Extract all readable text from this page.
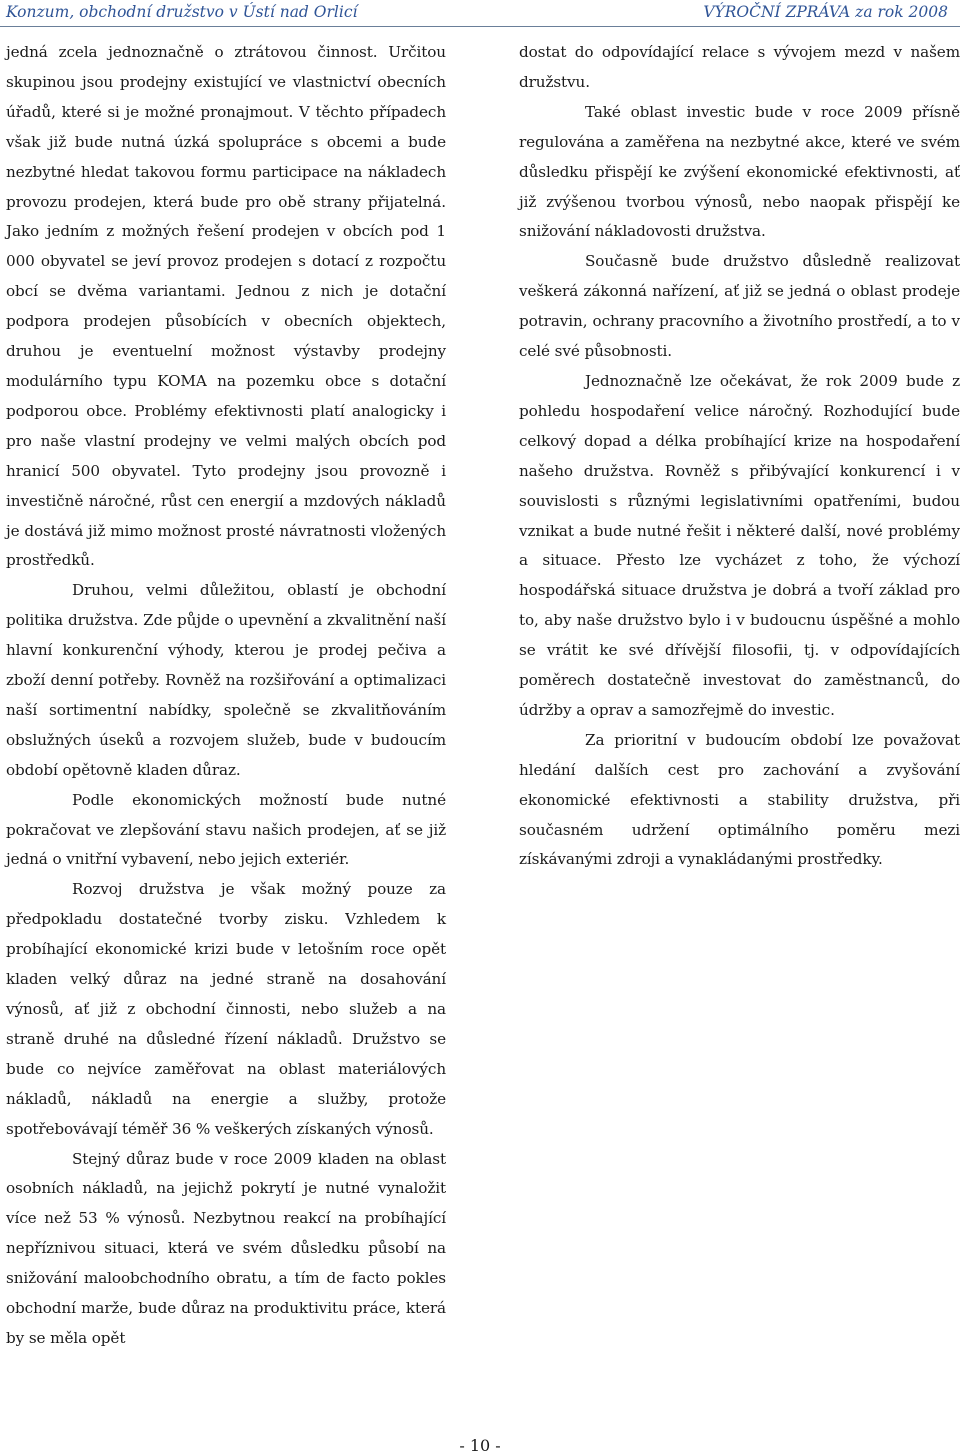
Konzum, obchodní družstvo v Ústí nad Orlicí	VÝROČNÍ ZPRÁVA za rok 2008

jedná zcela jednoznačně o ztrátovou činnost. Určitou skupinou jsou prodejny existující ve vlastnictví obecních úřadů, které si je možné pronajmout. V těchto případech však již bude nutná úzká spolupráce s obcemi a bude nezbytné hledat takovou formu participace na nákladech provozu prodejen, která bude pro obě strany přijatelná. Jako jedním z možných řešení prodejen v obcích pod 1 000 obyvatel se jeví provoz prodejen s dotací z rozpočtu obcí se dvěma variantami. Jednou z nich je dotační podpora prodejen působících v obecních objektech, druhou je eventuelní možnost výstavby prodejny modulárního typu KOMA na pozemku obce s dotační podporou obce. Problémy efektivnosti platí analogicky i pro naše vlastní prodejny ve velmi malých obcích pod hranicí 500 obyvatel. Tyto prodejny jsou provozně i investičně náročné, růst cen energií a mzdových nákladů je dostává již mimo možnost prosté návratnosti vložených prostředků.

Druhou, velmi důležitou, oblastí je obchodní politika družstva. Zde půjde o upevnění a zkvalitnění naší hlavní konkurenční výhody, kterou je prodej pečiva a zboží denní potřeby. Rovněž na rozšiřování a optimalizaci naší sortimentní nabídky, společně se zkvalitňováním obslužných úseků a rozvojem služeb, bude v budoucím období opětovně kladen důraz.

Podle ekonomických možností bude nutné pokračovat ve zlepšování stavu našich prodejen, ať se již jedná o vnitřní vybavení, nebo jejich exteriér.

Rozvoj družstva je však možný pouze za předpokladu dostatečné tvorby zisku. Vzhledem k probíhající ekonomické krizi bude v letošním roce opět kladen velký důraz na jedné straně na dosahování výnosů, ať již z obchodní činnosti, nebo služeb a na straně druhé na důsledné řízení nákladů. Družstvo se bude co nejvíce zaměřovat na oblast materiálových nákladů, nákladů na energie a služby, protože spotřebovávají téměř 36 % veškerých získaných výnosů.

Stejný důraz bude v roce 2009 kladen na oblast osobních nákladů, na jejichž pokrytí je nutné vynaložit více než 53 % výnosů. Nezbytnou reakcí na probíhající nepříznivou situaci, která ve svém důsledku působí na snižování maloobchodního obratu, a tím de facto pokles obchodní marže, bude důraz na produktivitu práce, která by se měla opět

dostat do odpovídající relace s vývojem mezd v našem družstvu.

Také oblast investic bude v roce 2009 přísně regulována a zaměřena na nezbytné akce, které ve svém důsledku přispějí ke zvýšení ekonomické efektivnosti, ať již zvýšenou tvorbou výnosů, nebo naopak přispějí ke snižování nákladovosti družstva.

Současně bude družstvo důsledně realizovat veškerá zákonná nařízení, ať již se jedná o oblast prodeje potravin, ochrany pracovního a životního prostředí, a to v celé své působnosti.

Jednoznačně lze očekávat, že rok 2009 bude z pohledu hospodaření velice náročný. Rozhodující bude celkový dopad a délka probíhající krize na hospodaření našeho družstva. Rovněž s přibývající konkurencí i v souvislosti s různými legislativními opatřeními, budou vznikat a bude nutné řešit i některé další, nové problémy a situace. Přesto lze vycházet z toho, že výchozí hospodářská situace družstva je dobrá a tvoří základ pro to, aby naše družstvo bylo i v budoucnu úspěšné a mohlo se vrátit ke své dřívější filosofii, tj. v odpovídajících poměrech dostatečně investovat do zaměstnanců, do údržby a oprav a samozřejmě do investic.

Za prioritní v budoucím období lze považovat hledání dalších cest pro zachování a zvyšování ekonomické efektivnosti a stability družstva, při současném udržení optimálního poměru mezi získávanými zdroji a vynakládanými prostředky.

- 10 -
